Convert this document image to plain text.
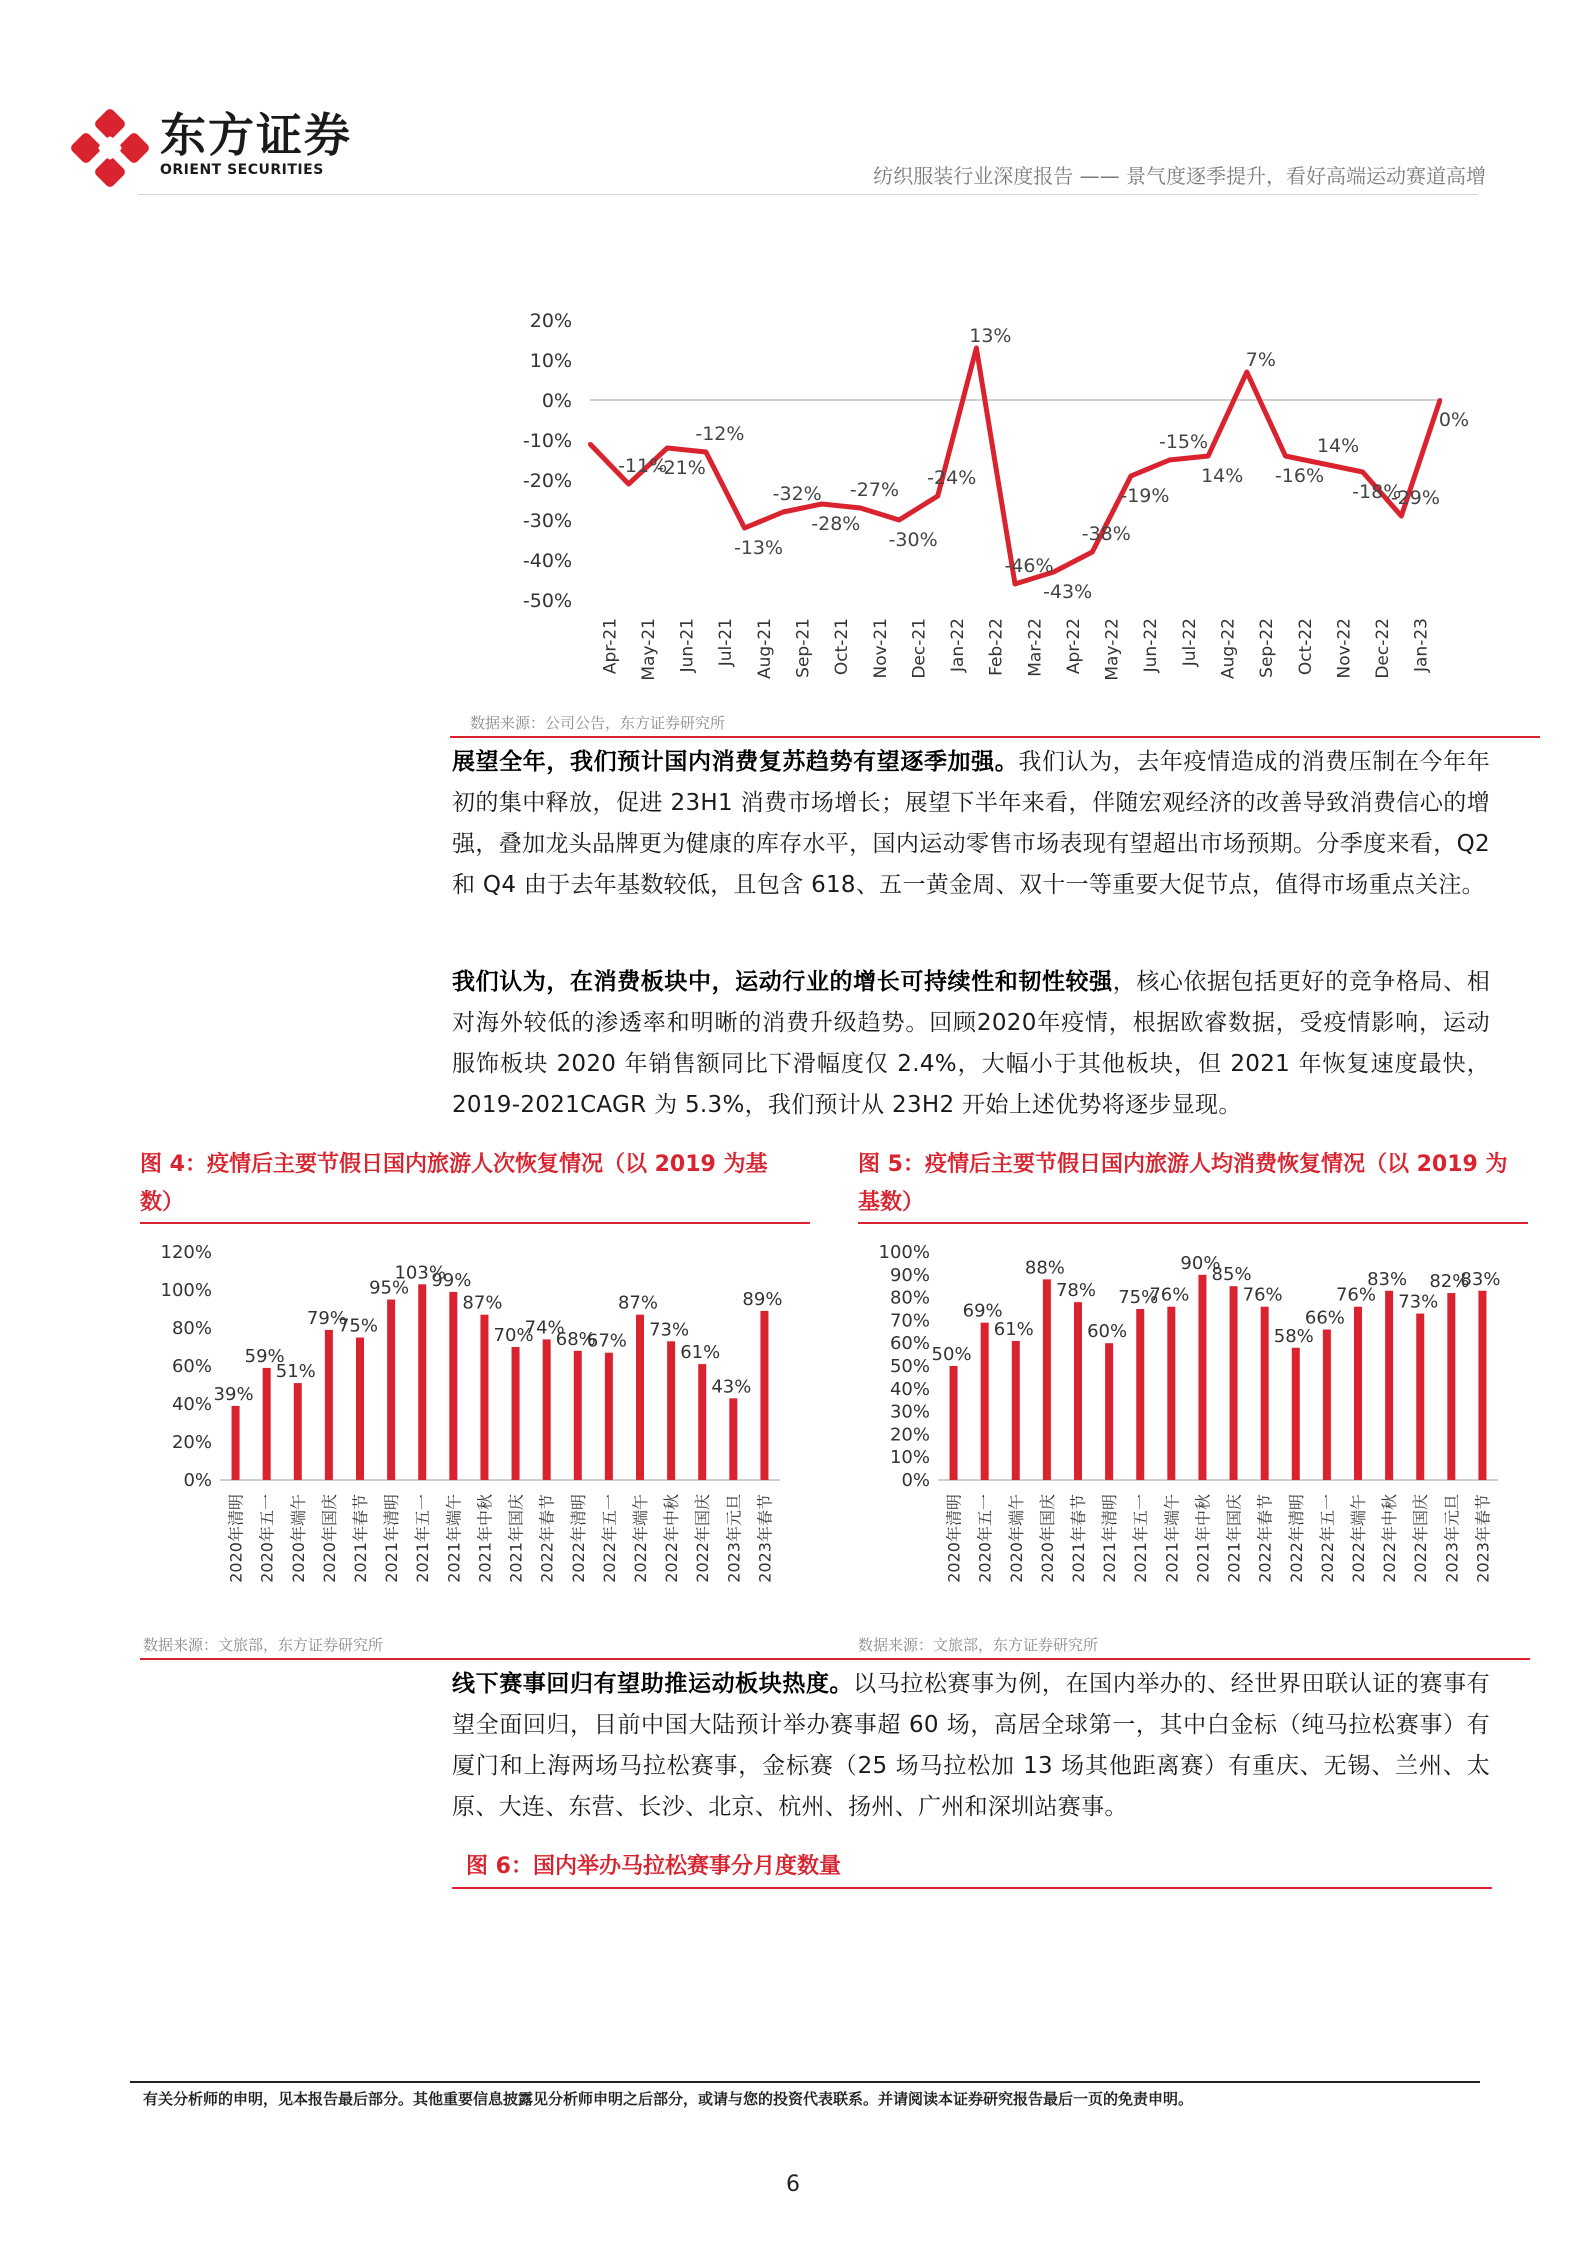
东方证券
ORIENT SECURITIES	纺织服装行业深度报告 —— 景气度逐季提升，看好高端运动赛道高增
20%
10%
0%
-10%
-20%
-30%
-40%
-50%
Apr-21 May-21 Jun-21 Jul-21 Aug-21 Sep-21 Oct-21 Nov-21 Dec-21 Jan-22 Feb-22 Mar-22 Apr-22 May-22 Jun-22 Jul-22 Aug-22 Sep-22 Oct-22 Nov-22 Dec-22 Jan-23
-11%
-21%
-12%
-13%
-32%
-28%
-27%
-30%
-24%
13%
-46%
-43%
-38%
-19%
-15%
14%
7%
-16%
14%
-18%
-29%
0%
数据来源：公司公告，东方证券研究所
展望全年，我们预计国内消费复苏趋势有望逐季加强。我们认为，去年疫情造成的消费压制在今年年初的集中释放，促进 23H1 消费市场增长；展望下半年来看，伴随宏观经济的改善导致消费信心的增强，叠加龙头品牌更为健康的库存水平，国内运动零售市场表现有望超出市场预期。分季度来看，Q2 和 Q4 由于去年基数较低，且包含 618、五一黄金周、双十一等重要大促节点，值得市场重点关注。
我们认为，在消费板块中，运动行业的增长可持续性和韧性较强，核心依据包括更好的竞争格局、相对海外较低的渗透率和明晰的消费升级趋势。回顾2020年疫情，根据欧睿数据，受疫情影响，运动服饰板块 2020 年销售额同比下滑幅度仅 2.4%，大幅小于其他板块，但 2021 年恢复速度最快，2019-2021CAGR 为 5.3%，我们预计从 23H2 开始上述优势将逐步显现。
图 4：疫情后主要节假日国内旅游人次恢复情况（以 2019 为基数）
120%
100%
80%
60%
40%
20%
0%
39%
2020年清明
59%
2020年五一
51%
2020年端午
79%
2020年国庆
75%
2021年春节
95%
2021年清明
103%
2021年五一
99%
2021年端午
87%
2021年中秋
70%
2021年国庆
74%
2022年春节
68%
2022年清明
67%
2022年五一
87%
2022年端午
73%
2022年中秋
61%
2022年国庆
43%
2023年元旦
89%
2023年春节
数据来源：文旅部，东方证券研究所
图 5：疫情后主要节假日国内旅游人均消费恢复情况（以 2019 为基数）
100%
90%
80%
70%
60%
50%
40%
30%
20%
10%
0%
50%
2020年清明
69%
2020年五一
61%
2020年端午
88%
2020年国庆
78%
2021年春节
60%
2021年清明
75%
2021年五一
76%
2021年端午
90%
2021年中秋
85%
2021年国庆
76%
2022年春节
58%
2022年清明
66%
2022年五一
76%
2022年端午
83%
2022年中秋
73%
2022年国庆
82%
2023年元旦
83%
2023年春节
数据来源：文旅部，东方证券研究所
线下赛事回归有望助推运动板块热度。以马拉松赛事为例，在国内举办的、经世界田联认证的赛事有望全面回归，目前中国大陆预计举办赛事超 60 场，高居全球第一，其中白金标（纯马拉松赛事）有厦门和上海两场马拉松赛事，金标赛（25 场马拉松加 13 场其他距离赛）有重庆、无锡、兰州、太原、大连、东营、长沙、北京、杭州、扬州、广州和深圳站赛事。
图 6：国内举办马拉松赛事分月度数量
有关分析师的申明，见本报告最后部分。其他重要信息披露见分析师申明之后部分，或请与您的投资代表联系。并请阅读本证券研究报告最后一页的免责申明。
6
